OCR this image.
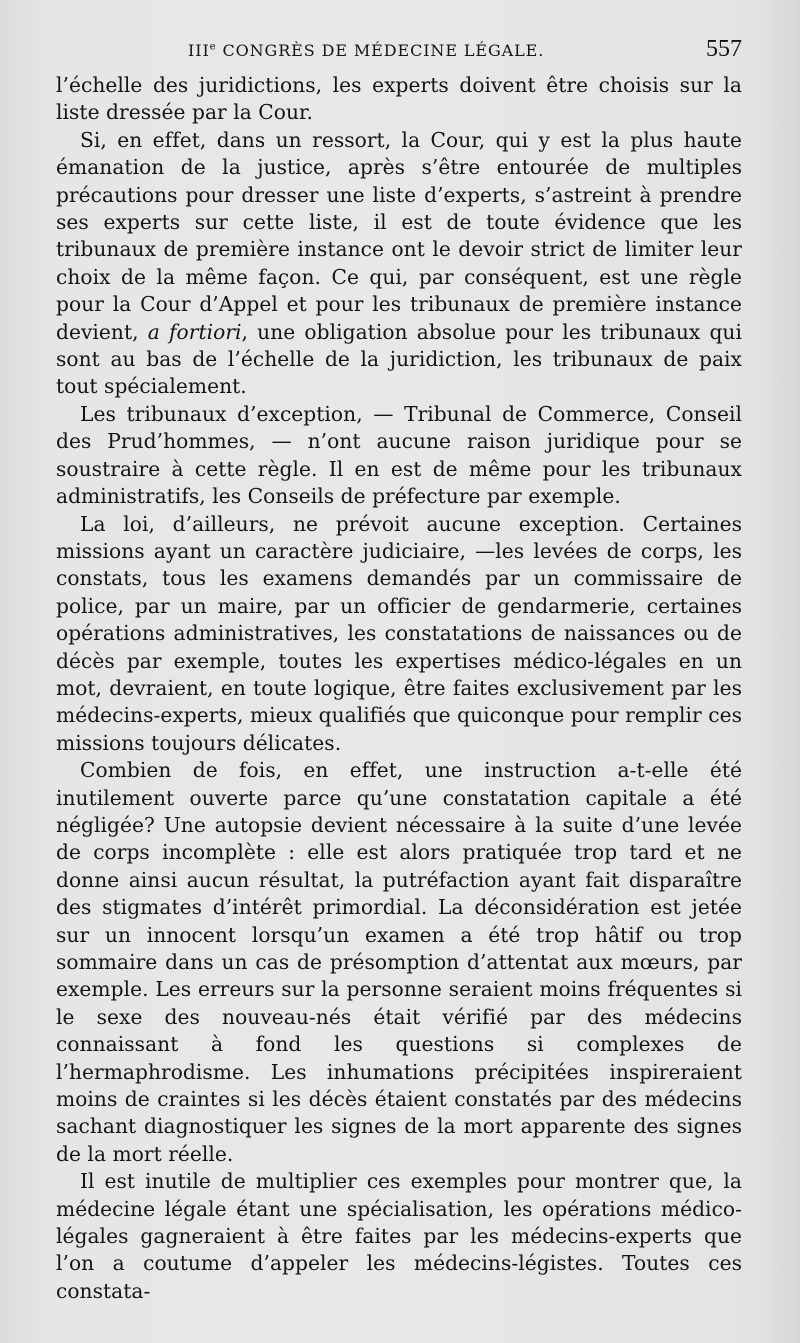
IIIe CONGRÈS DE MÉDECINE LÉGALE.	557

l’échelle des juridictions, les experts doivent être choisis sur la liste dressée par la Cour.

Si, en effet, dans un ressort, la Cour, qui y est la plus haute émanation de la justice, après s’être entourée de multiples précautions pour dresser une liste d’experts, s’astreint à prendre ses experts sur cette liste, il est de toute évidence que les tribunaux de première instance ont le devoir strict de limiter leur choix de la même façon. Ce qui, par conséquent, est une règle pour la Cour d’Appel et pour les tribunaux de première instance devient, a fortiori, une obligation absolue pour les tribunaux qui sont au bas de l’échelle de la juridiction, les tribunaux de paix tout spécialement.

Les tribunaux d’exception, — Tribunal de Commerce, Conseil des Prud’hommes, — n’ont aucune raison juridique pour se soustraire à cette règle. Il en est de même pour les tribunaux administratifs, les Conseils de préfecture par exemple.

La loi, d’ailleurs, ne prévoit aucune exception. Certaines missions ayant un caractère judiciaire, —les levées de corps, les constats, tous les examens demandés par un commissaire de police, par un maire, par un officier de gendarmerie, certaines opérations administratives, les constatations de naissances ou de décès par exemple, toutes les expertises médico-légales en un mot, devraient, en toute logique, être faites exclusivement par les médecins-experts, mieux qualifiés que quiconque pour remplir ces missions toujours délicates.

Combien de fois, en effet, une instruction a-t-elle été inutilement ouverte parce qu’une constatation capitale a été négligée? Une autopsie devient nécessaire à la suite d’une levée de corps incomplète : elle est alors pratiquée trop tard et ne donne ainsi aucun résultat, la putréfaction ayant fait disparaître des stigmates d’intérêt primordial. La déconsidération est jetée sur un innocent lorsqu’un examen a été trop hâtif ou trop sommaire dans un cas de présomption d’attentat aux mœurs, par exemple. Les erreurs sur la personne seraient moins fréquentes si le sexe des nouveau-nés était vérifié par des médecins connaissant à fond les questions si complexes de l’hermaphrodisme. Les inhumations précipitées inspireraient moins de craintes si les décès étaient constatés par des médecins sachant diagnostiquer les signes de la mort apparente des signes de la mort réelle.

Il est inutile de multiplier ces exemples pour montrer que, la médecine légale étant une spécialisation, les opérations médico-légales gagneraient à être faites par les médecins-experts que l’on a coutume d’appeler les médecins-légistes. Toutes ces constata-
